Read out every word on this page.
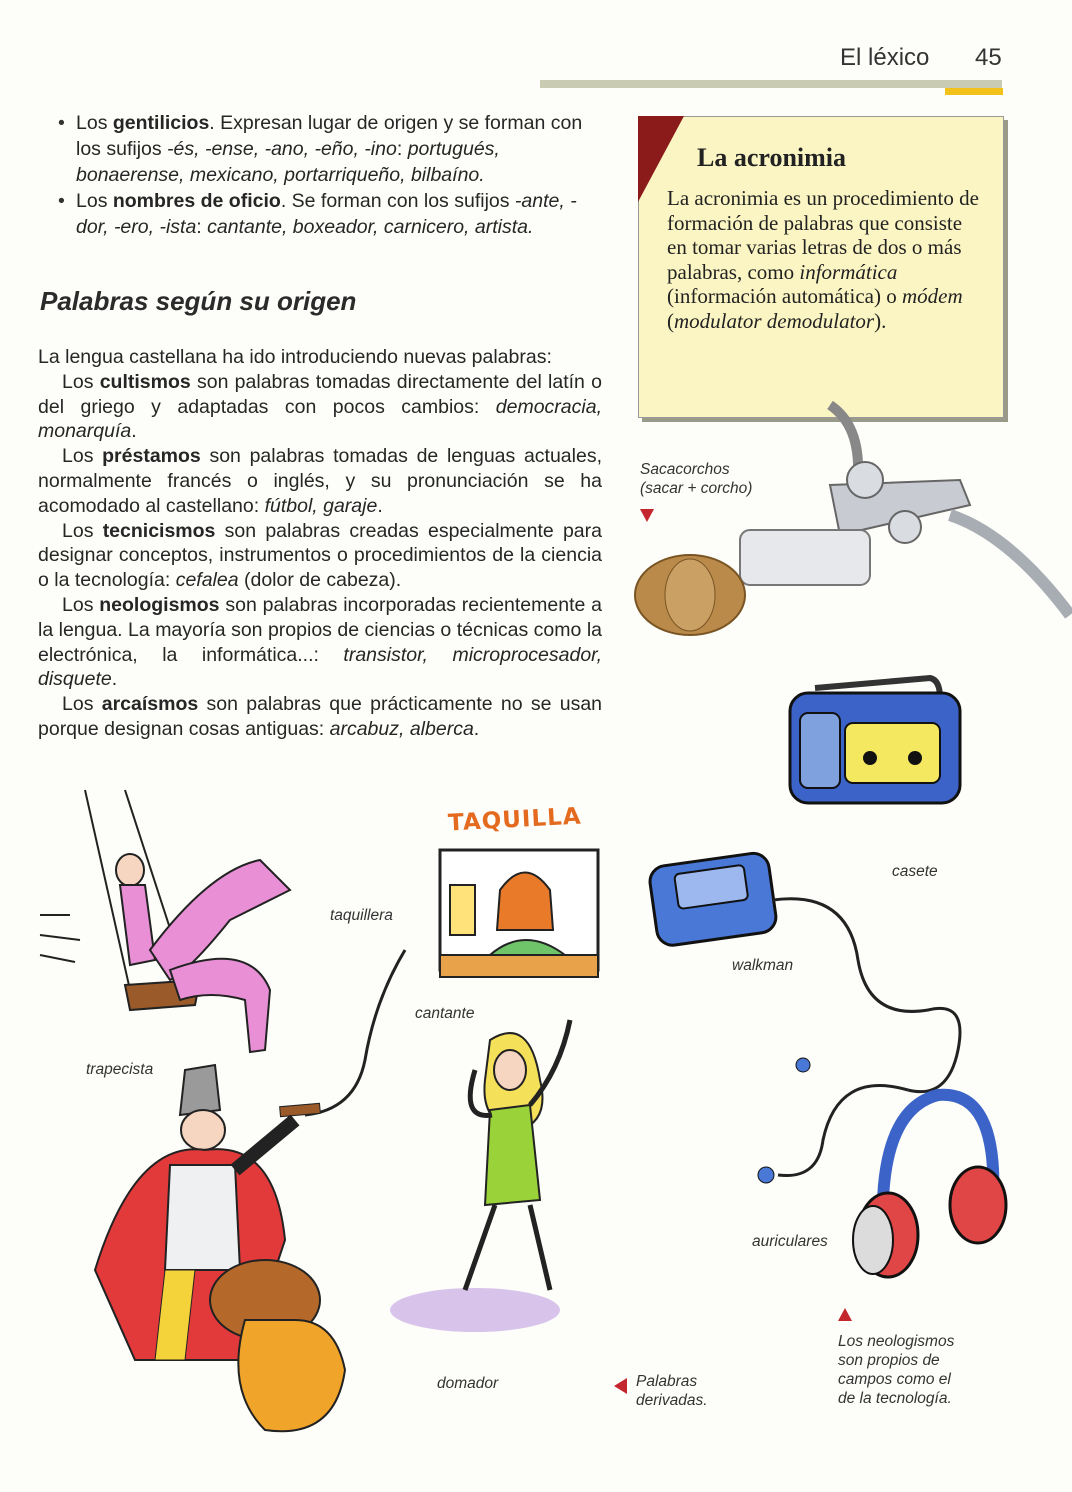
El léxico 45

• Los gentilicios. Expresan lugar de origen y se forman con los sufijos -és, -ense, -ano, -eño, -ino: portugués, bonaerense, mexicano, portarriqueño, bilbaíno.

• Los nombres de oficio. Se forman con los sufijos -ante, -dor, -ero, -ista: cantante, boxeador, carnicero, artista.

Palabras según su origen

La lengua castellana ha ido introduciendo nuevas palabras:

Los cultismos son palabras tomadas directamente del latín o del griego y adaptadas con pocos cambios: democracia, monarquía.

Los préstamos son palabras tomadas de lenguas actuales, normalmente francés o inglés, y su pronunciación se ha acomodado al castellano: fútbol, garaje.

Los tecnicismos son palabras creadas especialmente para designar conceptos, instrumentos o procedimientos de la ciencia o la tecnología: cefalea (dolor de cabeza).

Los neologismos son palabras incorporadas recientemente a la lengua. La mayoría son propios de ciencias o técnicas como la electrónica, la informática...: transistor, microprocesador, disquete.

Los arcaísmos son palabras que prácticamente no se usan porque designan cosas antiguas: arcabuz, alberca.

La acronimia
La acronimia es un procedimiento de formación de palabras que consiste en tomar varias letras de dos o más palabras, como informática (información automática) o módem (modulator demodulator).
Sacacorchos
(sacar + corcho)
casete
walkman
auriculares
Los neologismos
son propios de
campos como el
de la tecnología.
Palabras
derivadas.
trapecista
TAQUILLA
taquillera
cantante
domador
